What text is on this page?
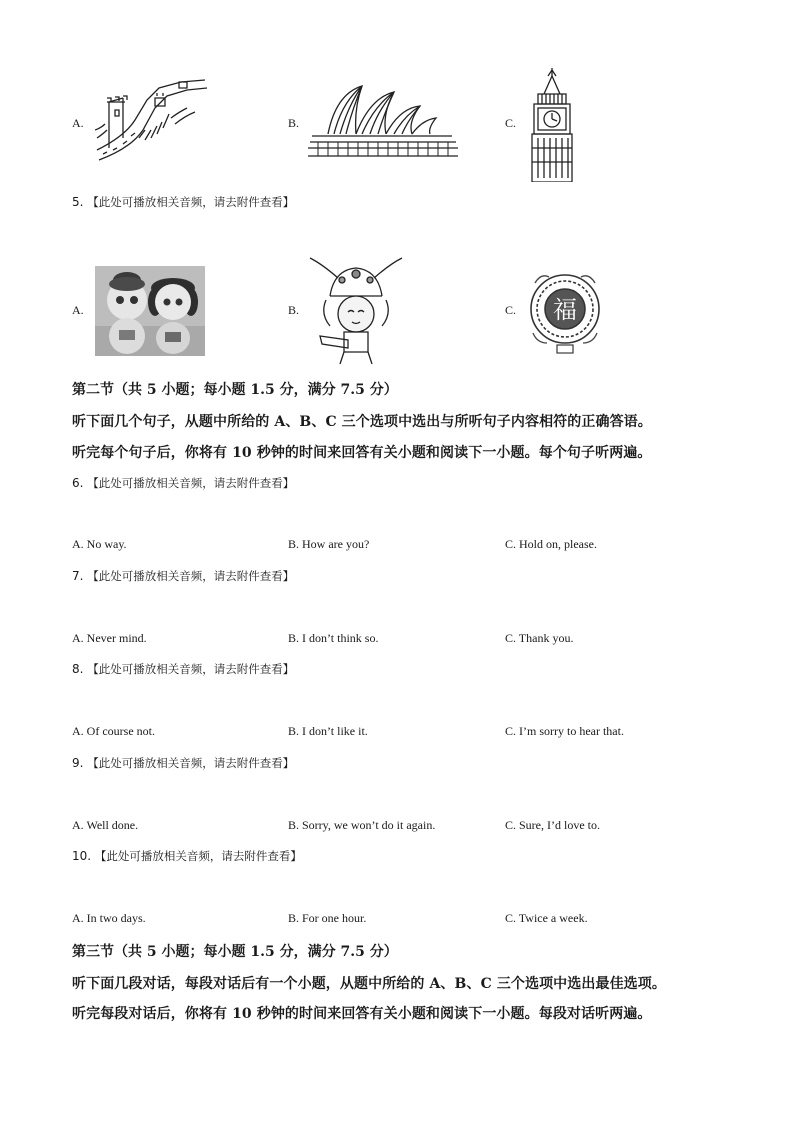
A.	B.	C.
5. 【此处可播放相关音频，请去附件查看】
A.	B.	C. 福
第二节（共 5 小题；每小题 1.5 分，满分 7.5 分）
听下面几个句子，从题中所给的 A、B、C 三个选项中选出与所听句子内容相符的正确答语。
听完每个句子后，你将有 10 秒钟的时间来回答有关小题和阅读下一小题。每个句子听两遍。
6. 【此处可播放相关音频，请去附件查看】
A. No way.	B. How are you?	C. Hold on, please.
7. 【此处可播放相关音频，请去附件查看】
A. Never mind.	B. I don’t think so.	C. Thank you.
8. 【此处可播放相关音频，请去附件查看】
A. Of course not.	B. I don’t like it.	C. I’m sorry to hear that.
9. 【此处可播放相关音频，请去附件查看】
A. Well done.	B. Sorry, we won’t do it again.	C. Sure, I’d love to.
10. 【此处可播放相关音频，请去附件查看】
A. In two days.	B. For one hour.	C. Twice a week.
第三节（共 5 小题；每小题 1.5 分，满分 7.5 分）
听下面几段对话，每段对话后有一个小题，从题中所给的 A、B、C 三个选项中选出最佳选项。
听完每段对话后，你将有 10 秒钟的时间来回答有关小题和阅读下一小题。每段对话听两遍。
